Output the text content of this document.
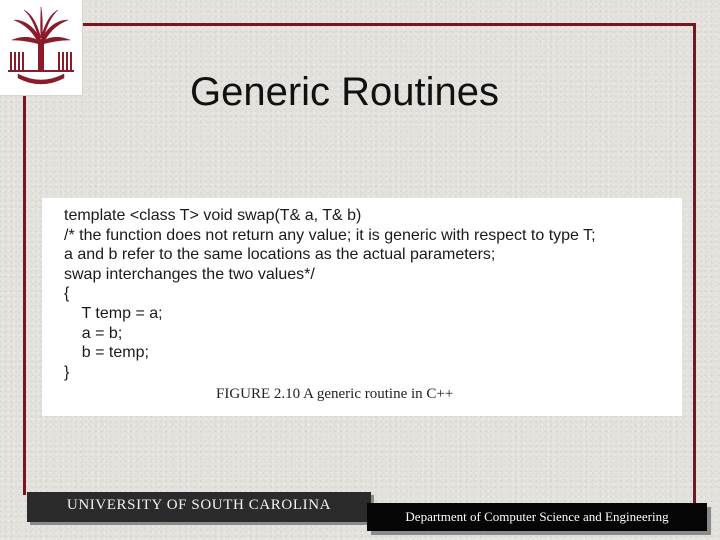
Generic Routines
template <class T> void swap(T& a, T& b)
/* the function does not return any value; it is generic with respect to type T;
a and b refer to the same locations as the actual parameters;
swap interchanges the two values*/
{
T temp = a;
a = b;
b = temp;
}
FIGURE 2.10 A generic routine in C++
UNIVERSITY OF SOUTH CAROLINA
Department of Computer Science and Engineering
